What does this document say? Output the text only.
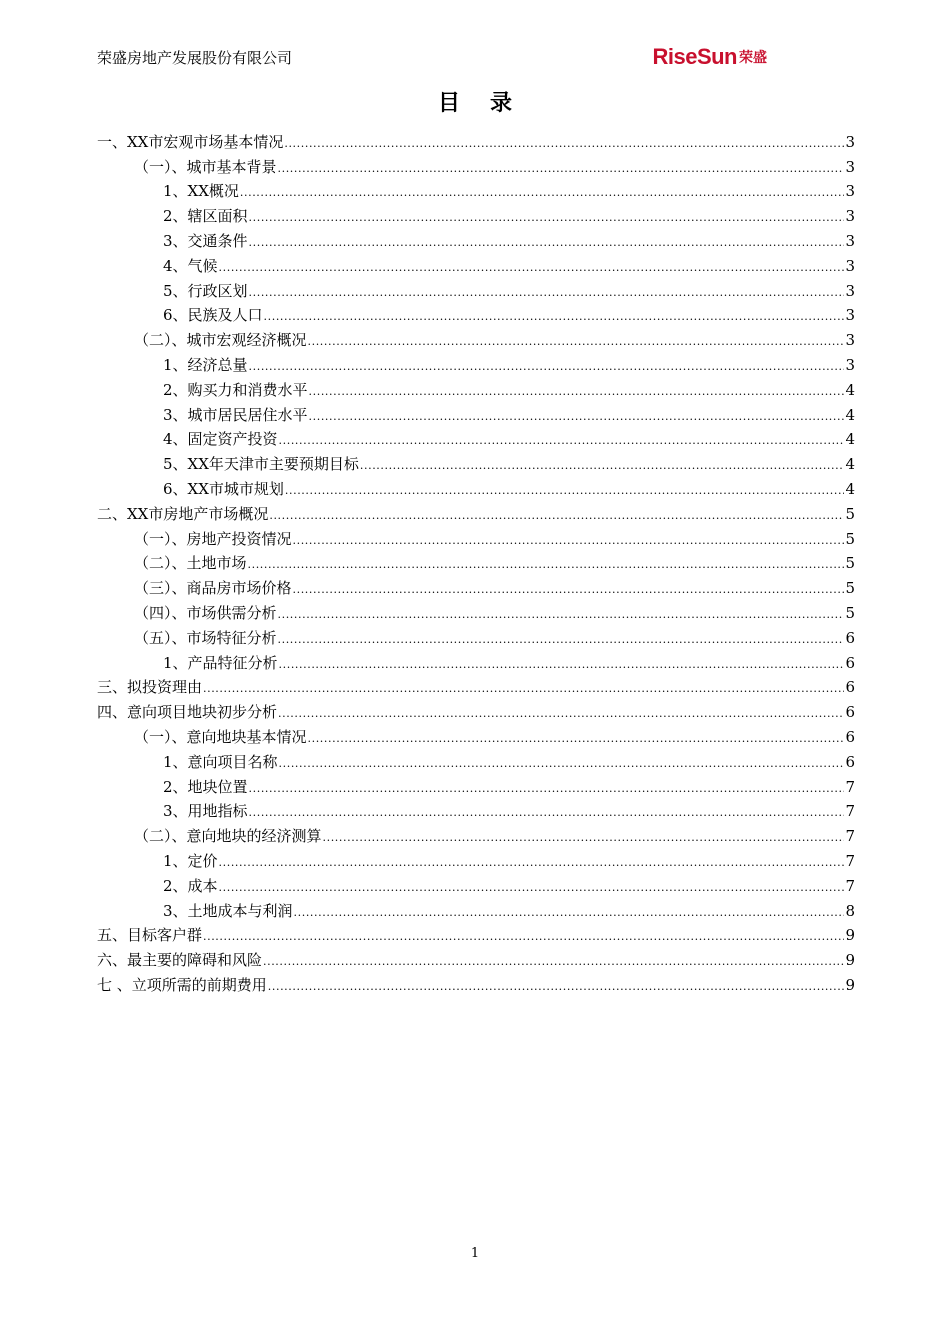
荣盛房地产发展股份有限公司	RiseSun 荣盛
目录
一、XX市宏观市场基本情况 .....	3
（一）、城市基本背景 .....	3
1、XX概况 .....	3
2、辖区面积 .....	3
3、交通条件 .....	3
4、气候 .....	3
5、行政区划 .....	3
6、民族及人口 .....	3
（二）、城市宏观经济概况 .....	3
1、经济总量 .....	3
2、购买力和消费水平 .....	4
3、城市居民居住水平 .....	4
4、固定资产投资 .....	4
5、XX年天津市主要预期目标 .....	4
6、XX市城市规划 .....	4
二、XX市房地产市场概况 .....	5
（一）、房地产投资情况 .....	5
（二）、土地市场 .....	5
（三）、商品房市场价格 .....	5
（四）、市场供需分析 .....	5
（五）、市场特征分析 .....	6
1、产品特征分析 .....	6
三、拟投资理由 .....	6
四、意向项目地块初步分析 .....	6
（一）、意向地块基本情况 .....	6
1、意向项目名称 .....	6
2、地块位置 .....	7
3、用地指标 .....	7
（二）、意向地块的经济测算 .....	7
1、定价 .....	7
2、成本 .....	7
3、土地成本与利润 .....	8
五、目标客户群 .....	9
六、最主要的障碍和风险 .....	9
七 、立项所需的前期费用 .....	9
1
